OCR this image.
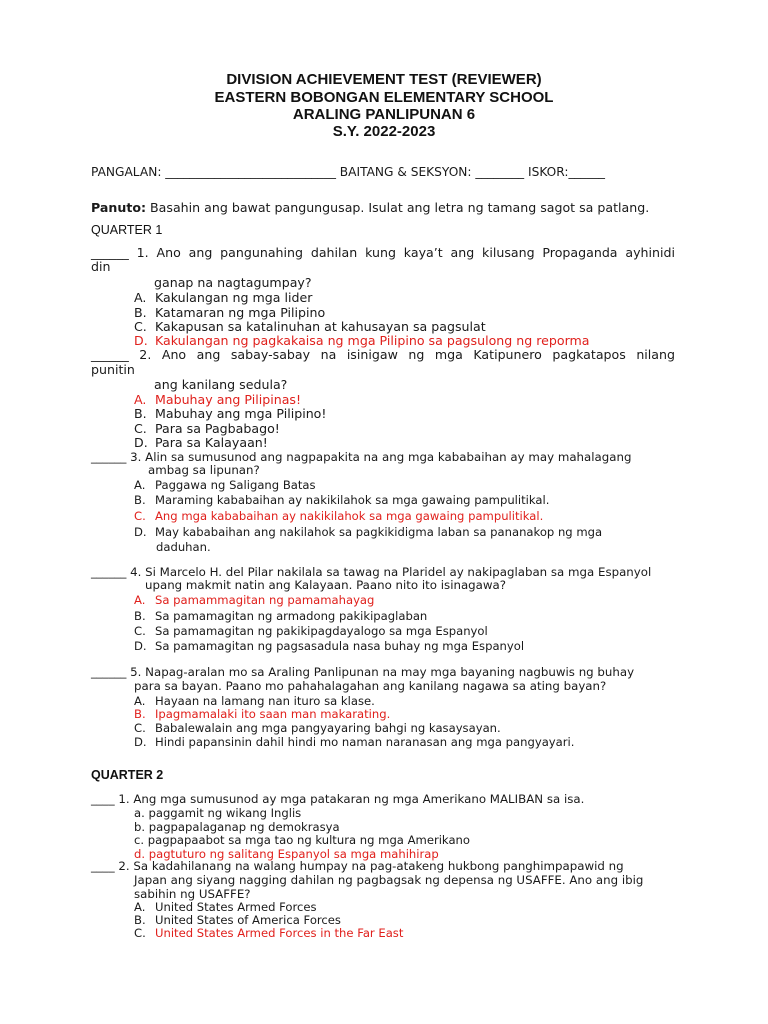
DIVISION ACHIEVEMENT TEST (REVIEWER)
EASTERN BOBONGAN ELEMENTARY SCHOOL
ARALING PANLIPUNAN 6
S.Y. 2022-2023
PANGALAN: ____________________________ BAITANG & SEKSYON: ________ ISKOR:______
Panuto: Basahin ang bawat pangungusap. Isulat ang letra ng tamang sagot sa patlang.
QUARTER 1
______ 1. Ano ang pangunahing dahilan kung kaya’t ang kilusang Propaganda ayhinidi
din
ganap na nagtagumpay?
A. Kakulangan ng mga lider
B. Katamaran ng mga Pilipino
C. Kakapusan sa katalinuhan at kahusayan sa pagsulat
D. Kakulangan ng pagkakaisa ng mga Pilipino sa pagsulong ng reporma
______ 2. Ano ang sabay-sabay na isinigaw ng mga Katipunero pagkatapos nilang
punitin
ang kanilang sedula?
A. Mabuhay ang Pilipinas!
B. Mabuhay ang mga Pilipino!
C. Para sa Pagbabago!
D. Para sa Kalayaan!
______ 3. Alin sa sumusunod ang nagpapakita na ang mga kababaihan ay may mahalagang
ambag sa lipunan?
A. Paggawa ng Saligang Batas
B. Maraming kababaihan ay nakikilahok sa mga gawaing pampulitikal.
C. Ang mga kababaihan ay nakikilahok sa mga gawaing pampulitikal.
D. May kababaihan ang nakilahok sa pagkikidigma laban sa pananakop ng mga
daduhan.
______ 4. Si Marcelo H. del Pilar nakilala sa tawag na Plaridel ay nakipaglaban sa mga Espanyol
upang makmit natin ang Kalayaan. Paano nito ito isinagawa?
A. Sa pamammagitan ng pamamahayag
B. Sa pamamagitan ng armadong pakikipaglaban
C. Sa pamamagitan ng pakikipagdayalogo sa mga Espanyol
D. Sa pamamagitan ng pagsasadula nasa buhay ng mga Espanyol
______ 5. Napag-aralan mo sa Araling Panlipunan na may mga bayaning nagbuwis ng buhay
para sa bayan. Paano mo pahahalagahan ang kanilang nagawa sa ating bayan?
A. Hayaan na lamang nan ituro sa klase.
B. Ipagmamalaki ito saan man makarating.
C. Babalewalain ang mga pangyayaring bahgi ng kasaysayan.
D. Hindi papansinin dahil hindi mo naman naranasan ang mga pangyayari.
QUARTER 2
____ 1. Ang mga sumusunod ay mga patakaran ng mga Amerikano MALIBAN sa isa.
a. paggamit ng wikang Inglis
b. pagpapalaganap ng demokrasya
c. pagpapaabot sa mga tao ng kultura ng mga Amerikano
d. pagtuturo ng salitang Espanyol sa mga mahihirap
____ 2. Sa kadahilanang na walang humpay na pag-atakeng hukbong panghimpapawid ng
Japan ang siyang nagging dahilan ng pagbagsak ng depensa ng USAFFE. Ano ang ibig
sabihin ng USAFFE?
A. United States Armed Forces
B. United States of America Forces
C. United States Armed Forces in the Far East
